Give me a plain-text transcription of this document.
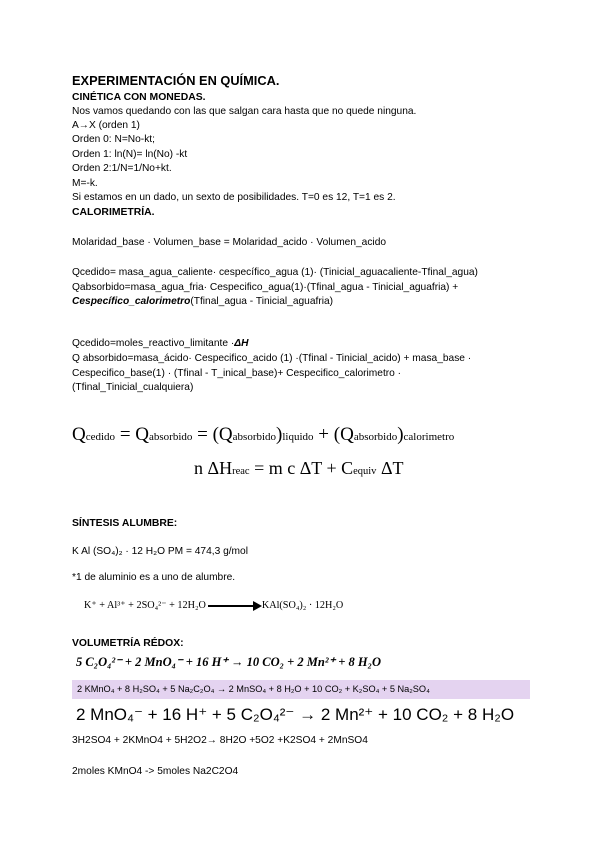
EXPERIMENTACIÓN EN QUÍMICA.
CINÉTICA CON MONEDAS.
Nos vamos quedando con las que salgan cara hasta que no quede ninguna.
A→X (orden 1)
Orden 0: N=No-kt;
Orden 1: ln(N)= ln(No) -kt
Orden 2:1/N=1/No+kt.
M=-k.
Si estamos en un dado, un sexto de posibilidades. T=0 es 12, T=1 es 2.
CALORIMETRÍA.
Molaridad_base · Volumen_base = Molaridad_acido · Volumen_acido
Qcedido= masa_agua_caliente· cespecífico_agua (1)· (Tinicial_aguacaliente-Tfinal_agua)
Qabsorbido=masa_agua_fria· Cespecifico_agua(1)·(Tfinal_agua - Tinicial_aguafria) +
Cespecífico_calorimetro(Tfinal_agua - Tinicial_aguafria)
Qcedido=moles_reactivo_limitante ·ΔH
Q absorbido=masa_ácido· Cespecifico_acido (1) ·(Tfinal - Tinicial_acido) + masa_base ·
Cespecifico_base(1) · (Tfinal - T_inical_base)+ Cespecifico_calorimetro ·
(Tfinal_Tinicial_cualquiera)
Qcedido = Qabsorbido = (Qabsorbido)liquido + (Qabsorbido)calorimetro
n ΔHreac = m c ΔT + Cequiv ΔT
SÍNTESIS ALUMBRE:
K Al (SO₄)₂ · 12 H₂O PM = 474,3 g/mol
*1 de aluminio es a uno de alumbre.
K⁺ + Al³⁺ + 2SO₄²⁻ + 12H₂O	KAl(SO₄)₂ · 12H₂O
VOLUMETRÍA RÉDOX:
5 C₂O₄²⁻ + 2 MnO₄⁻ + 16 H⁺ → 10 CO₂ + 2 Mn²⁺ + 8 H₂O
2 KMnO₄ + 8 H₂SO₄ + 5 Na₂C₂O₄ → 2 MnSO₄ + 8 H₂O + 10 CO₂ + K₂SO₄ + 5 Na₂SO₄
2 MnO₄⁻ + 16 H⁺ + 5 C₂O₄²⁻ → 2 Mn²⁺ + 10 CO₂ + 8 H₂O
3H2SO4 + 2KMnO4 + 5H2O2→ 8H2O +5O2 +K2SO4 + 2MnSO4
2moles KMnO4 -> 5moles Na2C2O4
